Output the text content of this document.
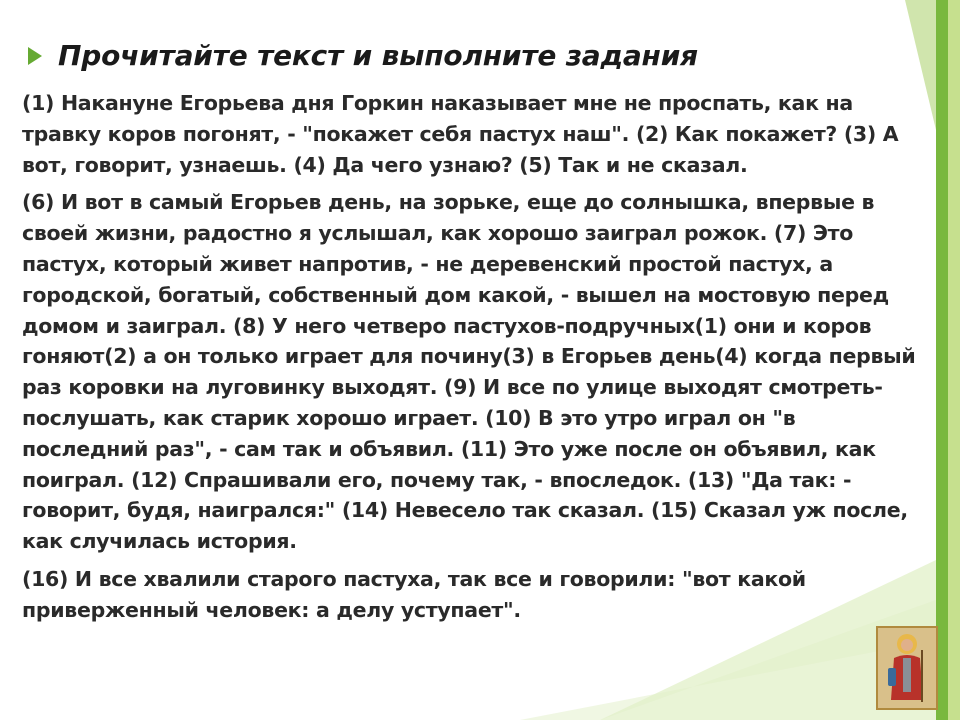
Прочитайте текст и выполните задания

(1) Накануне Егорьева дня Горкин наказывает мне не проспать, как на травку коров погонят, - "покажет себя пастух наш". (2) Как покажет? (3) А вот, говорит, узнаешь. (4) Да чего узнаю? (5) Так и не сказал.

(6) И вот в самый Егорьев день, на зорьке, еще до солнышка, впервые в своей жизни, радостно я услышал, как хорошо заиграл рожок. (7) Это пастух, который живет напротив, - не деревенский простой пастух, а городской, богатый, собственный дом какой, - вышел на мостовую перед домом и заиграл. (8) У него четверо пастухов-подручных(1) они и коров гоняют(2) а он только играет для почину(3) в Егорьев день(4) когда первый раз коровки на луговинку выходят. (9) И все по улице выходят смотреть-послушать, как старик хорошо играет. (10) В это утро играл он "в последний раз", - сам так и объявил. (11) Это уже после он объявил, как поиграл. (12) Спрашивали его, почему так, - впоследок. (13) "Да так: - говорит, будя, наигрался:" (14) Невесело так сказал. (15) Сказал уж после, как случилась история.

(16) И все хвалили старого пастуха, так все и говорили: "вот какой приверженный человек: а делу уступает".
